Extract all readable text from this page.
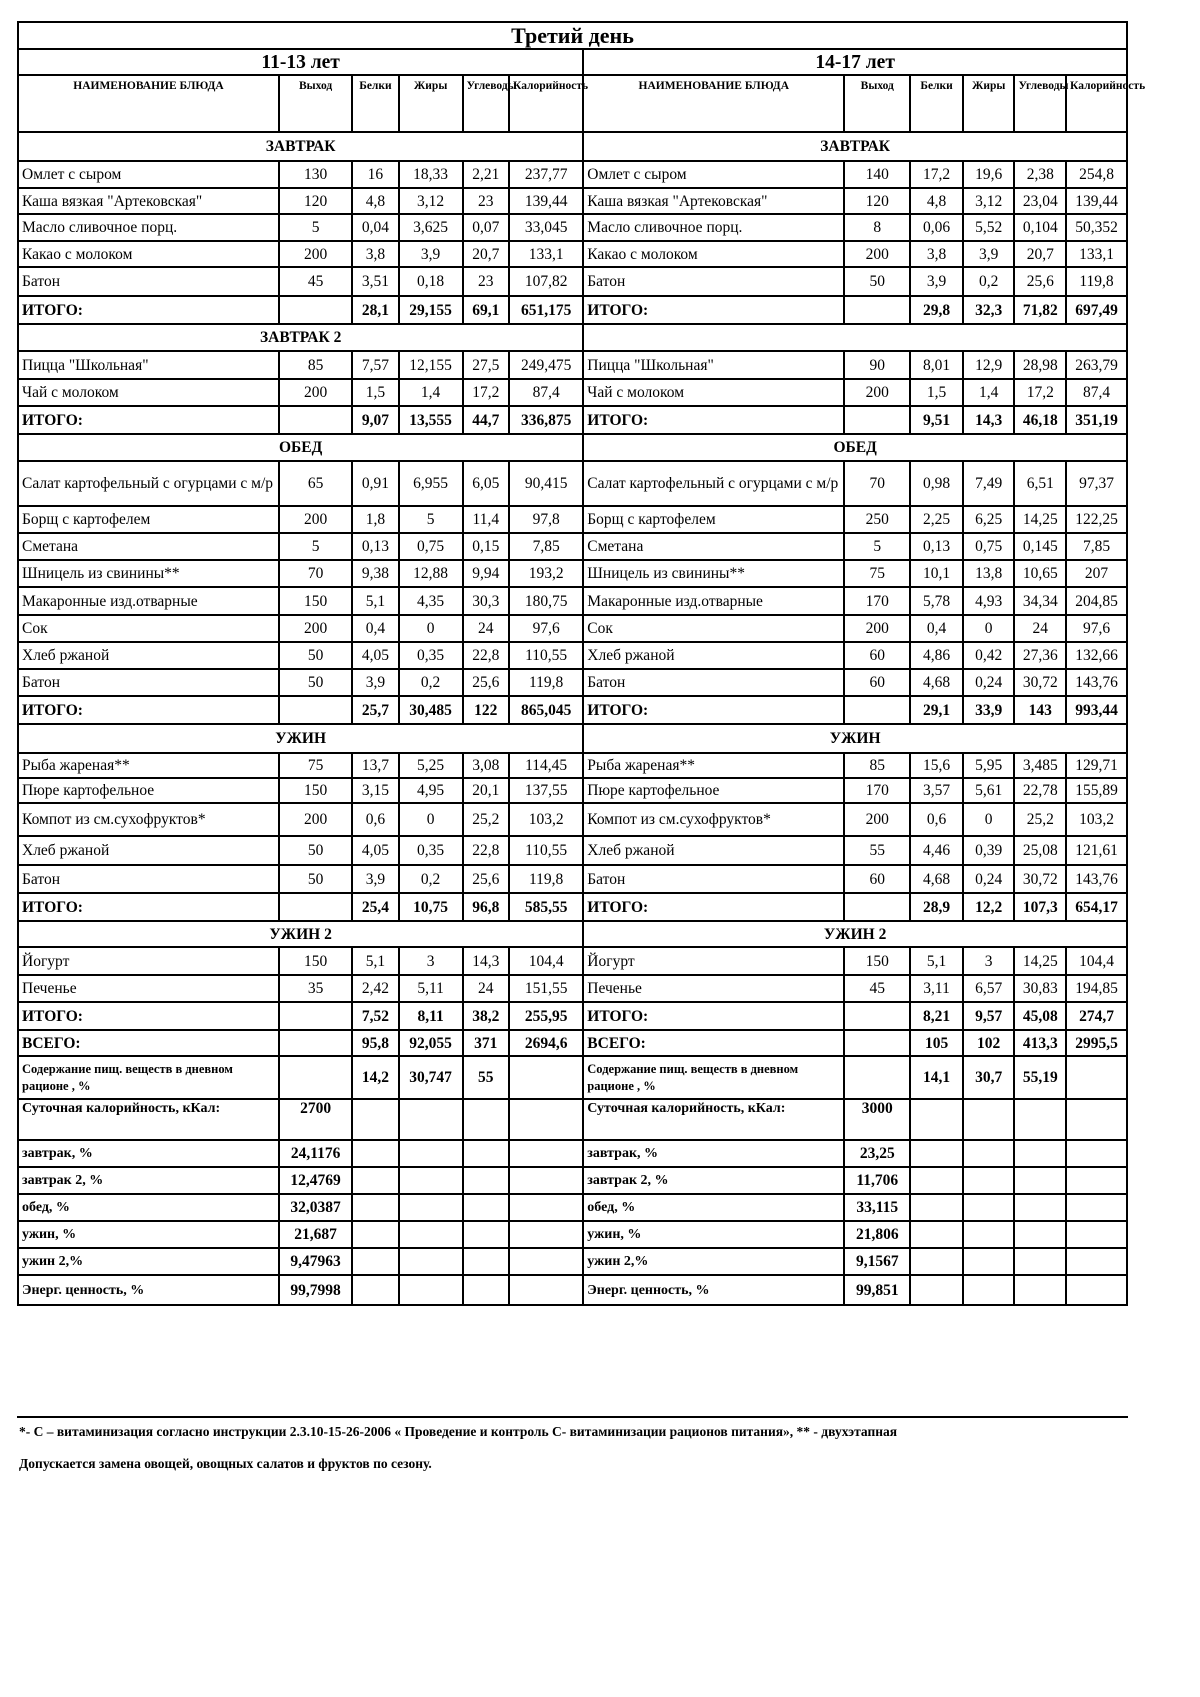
Третий день											
11-13 лет						14-17 лет					
НАИМЕНОВАНИЕ БЛЮДА	Выход	Белки	Жиры	Углеводы	Калорийность	НАИМЕНОВАНИЕ БЛЮДА	Выход	Белки	Жиры	Углеводы	Калорийность
ЗАВТРАК						ЗАВТРАК					
Омлет с сыром	130	16	18,33	2,21	237,77	Омлет с сыром	140	17,2	19,6	2,38	254,8
Каша вязкая "Артековская"	120	4,8	3,12	23	139,44	Каша вязкая "Артековская"	120	4,8	3,12	23,04	139,44
Масло сливочное порц.	5	0,04	3,625	0,07	33,045	Масло сливочное порц.	8	0,06	5,52	0,104	50,352
Какао с молоком	200	3,8	3,9	20,7	133,1	Какао с молоком	200	3,8	3,9	20,7	133,1
Батон	45	3,51	0,18	23	107,82	Батон	50	3,9	0,2	25,6	119,8
ИТОГО:		28,1	29,155	69,1	651,175	ИТОГО:		29,8	32,3	71,82	697,49
ЗАВТРАК 2											
Пицца "Школьная"	85	7,57	12,155	27,5	249,475	Пицца "Школьная"	90	8,01	12,9	28,98	263,79
Чай с молоком	200	1,5	1,4	17,2	87,4	Чай с молоком	200	1,5	1,4	17,2	87,4
ИТОГО:		9,07	13,555	44,7	336,875	ИТОГО:		9,51	14,3	46,18	351,19
ОБЕД						ОБЕД					
Салат картофельный с огурцами с м/р	65	0,91	6,955	6,05	90,415	Салат картофельный с огурцами с м/р	70	0,98	7,49	6,51	97,37
Борщ с картофелем	200	1,8	5	11,4	97,8	Борщ с картофелем	250	2,25	6,25	14,25	122,25
Сметана	5	0,13	0,75	0,15	7,85	Сметана	5	0,13	0,75	0,145	7,85
Шницель из свинины**	70	9,38	12,88	9,94	193,2	Шницель из свинины**	75	10,1	13,8	10,65	207
Макаронные изд.отварные	150	5,1	4,35	30,3	180,75	Макаронные изд.отварные	170	5,78	4,93	34,34	204,85
Сок	200	0,4	0	24	97,6	Сок	200	0,4	0	24	97,6
Хлеб ржаной	50	4,05	0,35	22,8	110,55	Хлеб ржаной	60	4,86	0,42	27,36	132,66
Батон	50	3,9	0,2	25,6	119,8	Батон	60	4,68	0,24	30,72	143,76
ИТОГО:		25,7	30,485	122	865,045	ИТОГО:		29,1	33,9	143	993,44
УЖИН						УЖИН					
Рыба жареная**	75	13,7	5,25	3,08	114,45	Рыба жареная**	85	15,6	5,95	3,485	129,71
Пюре картофельное	150	3,15	4,95	20,1	137,55	Пюре картофельное	170	3,57	5,61	22,78	155,89
Компот из см.сухофруктов*	200	0,6	0	25,2	103,2	Компот из см.сухофруктов*	200	0,6	0	25,2	103,2
Хлеб ржаной	50	4,05	0,35	22,8	110,55	Хлеб ржаной	55	4,46	0,39	25,08	121,61
Батон	50	3,9	0,2	25,6	119,8	Батон	60	4,68	0,24	30,72	143,76
ИТОГО:		25,4	10,75	96,8	585,55	ИТОГО:		28,9	12,2	107,3	654,17
УЖИН 2						УЖИН 2					
Йогурт	150	5,1	3	14,3	104,4	Йогурт	150	5,1	3	14,25	104,4
Печенье	35	2,42	5,11	24	151,55	Печенье	45	3,11	6,57	30,83	194,85
ИТОГО:		7,52	8,11	38,2	255,95	ИТОГО:		8,21	9,57	45,08	274,7
ВСЕГО:		95,8	92,055	371	2694,6	ВСЕГО:		105	102	413,3	2995,5
Содержание пищ. веществ в дневном рационе , %		14,2	30,747	55		Содержание пищ. веществ в дневном рационе , %		14,1	30,7	55,19	
Суточная калорийность, кКал:	2700					Суточная калорийность, кКал:	3000				
завтрак, %	24,1176					завтрак, %	23,25				
завтрак 2, %	12,4769					завтрак 2, %	11,706				
обед, %	32,0387					обед, %	33,115				
ужин, %	21,687					ужин, %	21,806				
ужин 2,%	9,47963					ужин 2,%	9,1567				
Энерг. ценность, %	99,7998					Энерг. ценность, %	99,851				
*- С – витаминизация согласно инструкции 2.3.10-15-26-2006 « Проведение и контроль С- витаминизации рационов питания», ** - двухэтапная
Допускается замена овощей, овощных салатов и фруктов по сезону.
